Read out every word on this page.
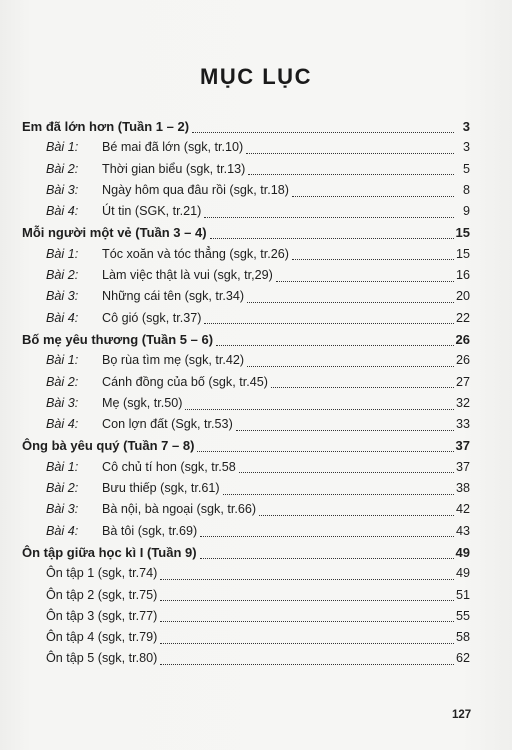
MỤC LỤC
Em đã lớn hơn (Tuần 1 – 2)	3
Bài 1:	Bé mai đã lớn (sgk, tr.10)	3
Bài 2:	Thời gian biểu (sgk, tr.13)	5
Bài 3:	Ngày hôm qua đâu rồi (sgk, tr.18)	8
Bài 4:	Út tin (SGK, tr.21)	9
Mỗi người một vẻ (Tuần 3 – 4)	15
Bài 1:	Tóc xoăn và tóc thẳng (sgk, tr.26)	15
Bài 2:	Làm việc thật là vui (sgk, tr,29)	16
Bài 3:	Những cái tên (sgk, tr.34)	20
Bài 4:	Cô gió (sgk, tr.37)	22
Bố mẹ yêu thương (Tuần 5 – 6)	26
Bài 1:	Bọ rùa tìm mẹ (sgk, tr.42)	26
Bài 2:	Cánh đồng của bố (sgk, tr.45)	27
Bài 3:	Mẹ (sgk, tr.50)	32
Bài 4:	Con lợn đất (Sgk, tr.53)	33
Ông bà yêu quý (Tuần 7 – 8)	37
Bài 1:	Cô chủ tí hon (sgk, tr.58	37
Bài 2:	Bưu thiếp (sgk, tr.61)	38
Bài 3:	Bà nội, bà ngoại (sgk, tr.66)	42
Bài 4:	Bà tôi (sgk, tr.69)	43
Ôn tập giữa học kì I (Tuần 9)	49
Ôn tập 1 (sgk, tr.74)	49
Ôn tập 2 (sgk, tr.75)	51
Ôn tập 3 (sgk, tr.77)	55
Ôn tập 4 (sgk, tr.79)	58
Ôn tập 5 (sgk, tr.80)	62
127
